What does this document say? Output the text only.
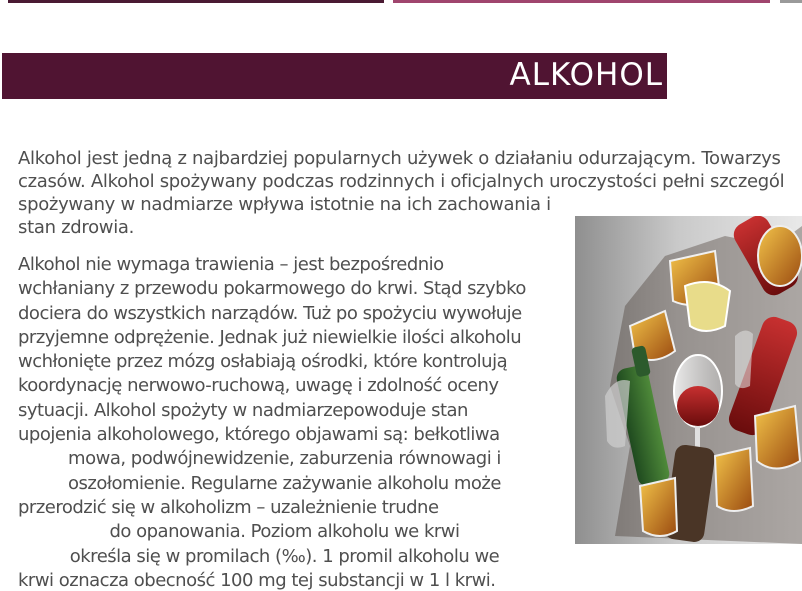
ALKOHOL
Alkohol jest jedną z najbardziej popularnych używek o działaniu odurzającym. Towarzys
czasów. Alkohol spożywany podczas rodzinnych i oficjalnych uroczystości pełni szczegól
spożywany w nadmiarze wpływa istotnie na ich zachowania i
stan zdrowia.
Alkohol nie wymaga trawienia – jest bezpośrednio
wchłaniany z przewodu pokarmowego do krwi. Stąd szybko
dociera do wszystkich narządów. Tuż po spożyciu wywołuje
przyjemne odprężenie. Jednak już niewielkie ilości alkoholu
wchłonięte przez mózg osłabiają ośrodki, które kontrolują
koordynację nerwowo-ruchową, uwagę i zdolność oceny
sytuacji. Alkohol spożyty w nadmiarzepowoduje stan
upojenia alkoholowego, którego objawami są: bełkotliwa
mowa, podwójnewidzenie, zaburzenia równowagi i
oszołomienie. Regularne zażywanie alkoholu może
przerodzić się w alkoholizm – uzależnienie trudne
do opanowania. Poziom alkoholu we krwi
określa się w promilach (‰). 1 promil alkoholu we
krwi oznacza obecność 100 mg tej substancji w 1 l krwi.
